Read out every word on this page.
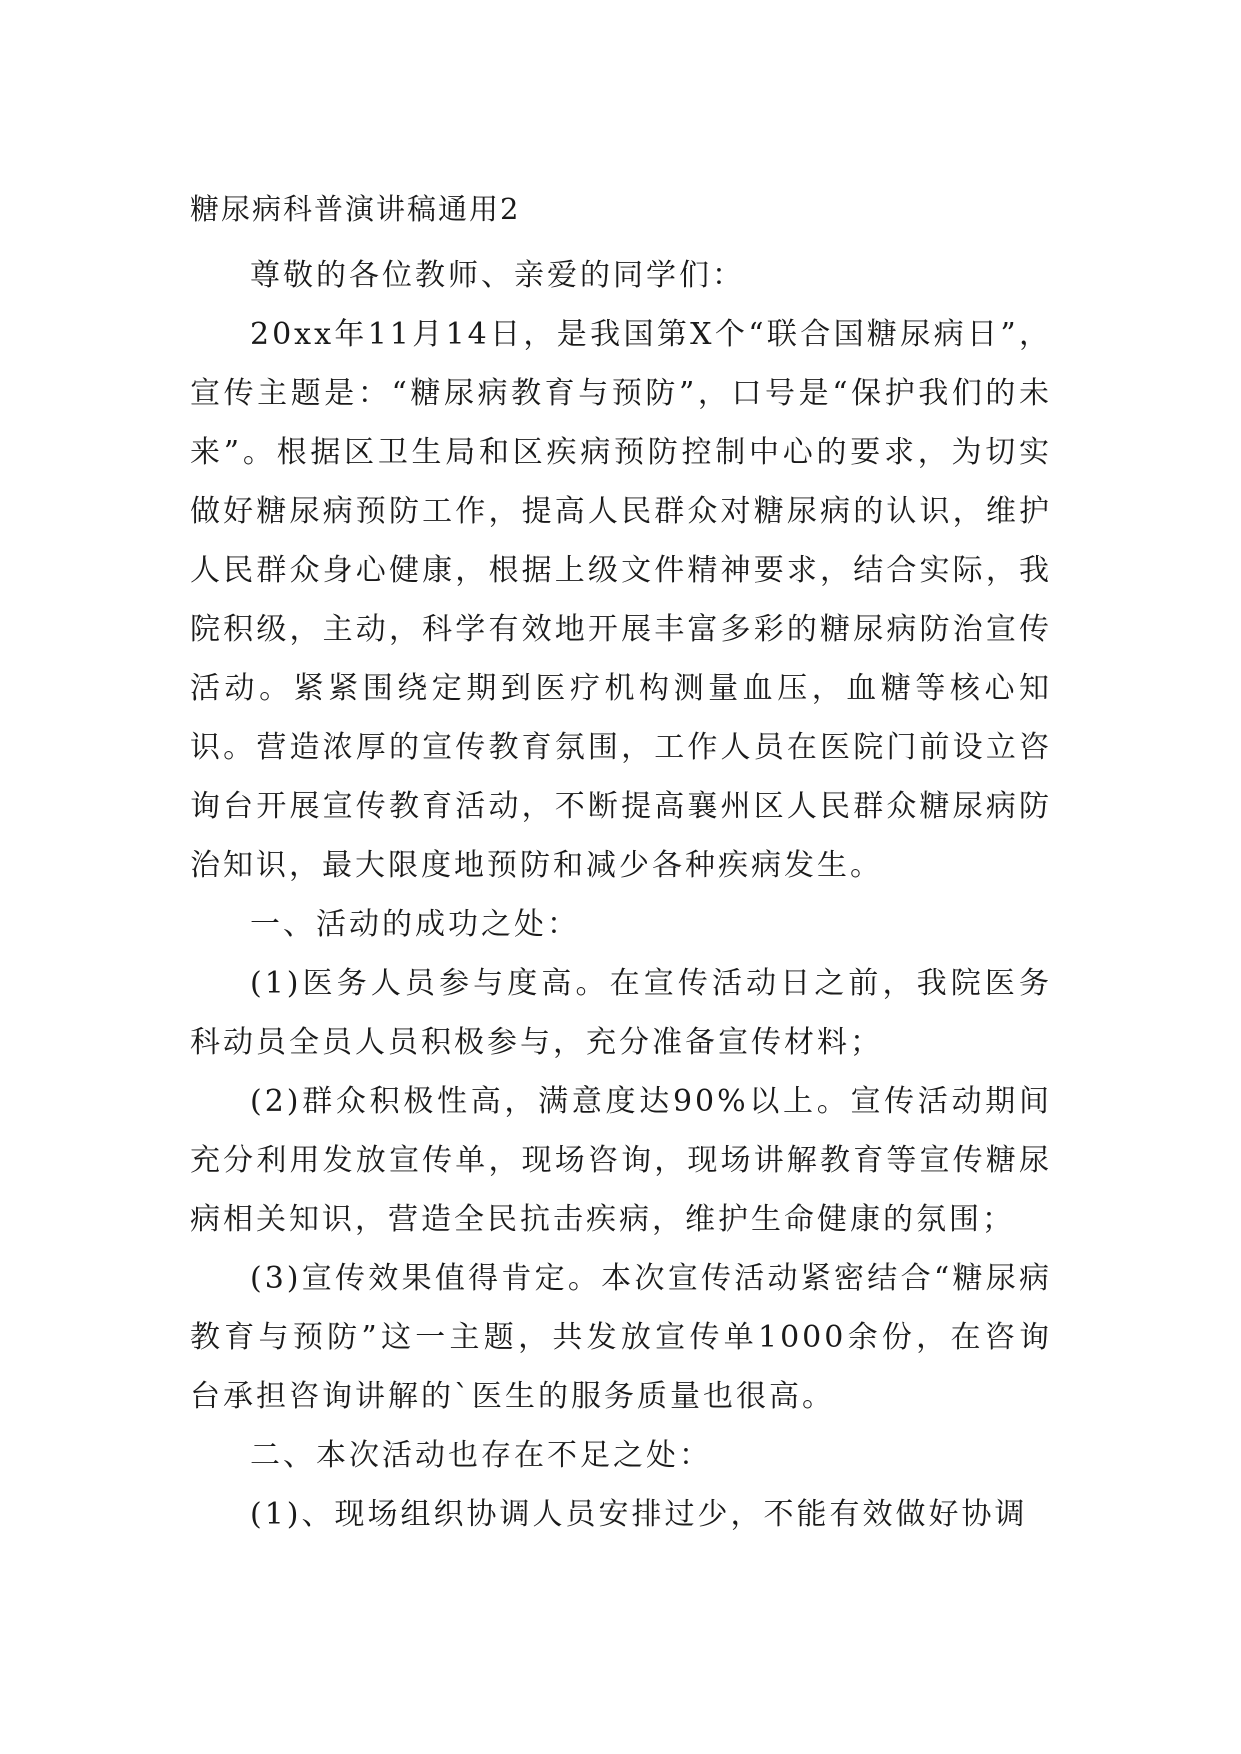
糖尿病科普演讲稿通用2

尊敬的各位教师、亲爱的同学们：

20xx年11月14日，是我国第X个“联合国糖尿病日”，宣传主题是：“糖尿病教育与预防”，口号是“保护我们的未来”。根据区卫生局和区疾病预防控制中心的要求，为切实做好糖尿病预防工作，提高人民群众对糖尿病的认识，维护人民群众身心健康，根据上级文件精神要求，结合实际，我院积级，主动，科学有效地开展丰富多彩的糖尿病防治宣传活动。紧紧围绕定期到医疗机构测量血压，血糖等核心知识。营造浓厚的宣传教育氛围，工作人员在医院门前设立咨询台开展宣传教育活动，不断提高襄州区人民群众糖尿病防治知识，最大限度地预防和减少各种疾病发生。

一、活动的成功之处：

(1)医务人员参与度高。在宣传活动日之前，我院医务科动员全员人员积极参与，充分准备宣传材料；

(2)群众积极性高，满意度达90%以上。宣传活动期间充分利用发放宣传单，现场咨询，现场讲解教育等宣传糖尿病相关知识，营造全民抗击疾病，维护生命健康的氛围；

(3)宣传效果值得肯定。本次宣传活动紧密结合“糖尿病教育与预防”这一主题，共发放宣传单1000余份，在咨询台承担咨询讲解的`医生的服务质量也很高。

二、本次活动也存在不足之处：

(1)、现场组织协调人员安排过少，不能有效做好协调
